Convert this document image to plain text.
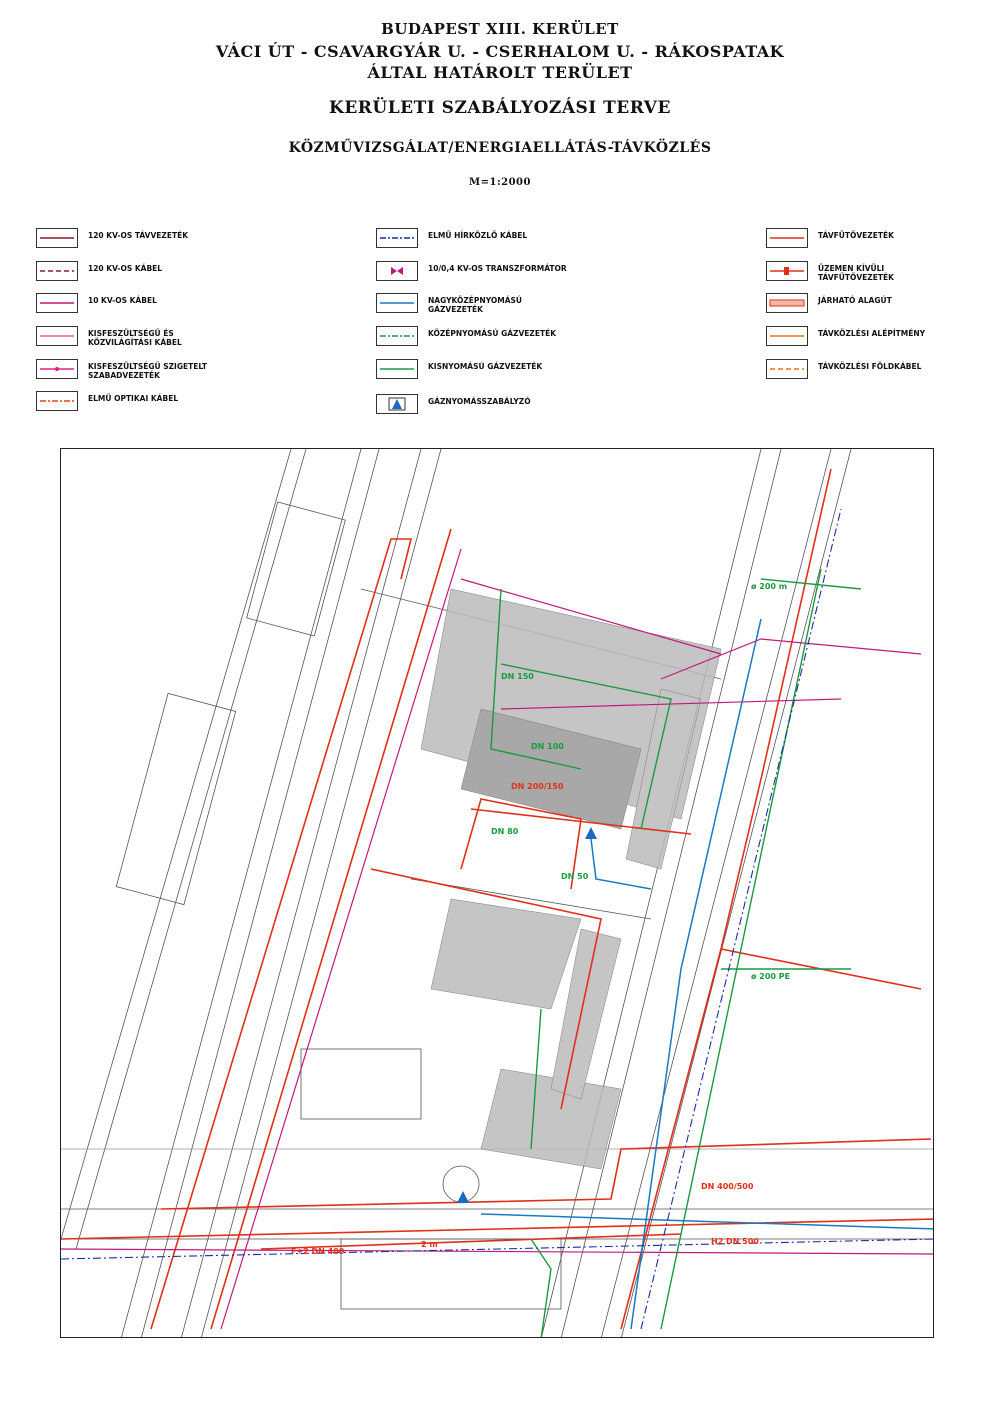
BUDAPEST XIII. KERÜLET
VÁCI ÚT - CSAVARGYÁR U. - CSERHALOM U. - RÁKOSPATAK
ÁLTAL HATÁROLT TERÜLET
KERÜLETI SZABÁLYOZÁSI TERVE
KÖZMŰVIZSGÁLAT/ENERGIAELLÁTÁS-TÁVKÖZLÉS
M=1:2000
120 KV-OS TÁVVEZETÉK
120 KV-OS KÁBEL
10 KV-OS KÁBEL
KISFESZÜLTSÉGŰ ÉS
KÖZVILÁGÍTÁSI KÁBEL
KISFESZÜLTSÉGŰ SZIGETELT
SZABADVEZETÉK
ELMŰ OPTIKAI KÁBEL
ELMŰ HÍRKÖZLŐ KÁBEL
10/0,4 KV-OS TRANSZFORMÁTOR
NAGYKÖZÉPNYOMÁSÚ GÁZVEZETÉK
KÖZÉPNYOMÁSÚ GÁZVEZETÉK
KISNYOMÁSÚ GÁZVEZETÉK
GÁZNYOMÁSSZABÁLYZÓ
TÁVFŰTŐVEZETÉK
ÜZEMEN KÍVÜLI TÁVFŰTŐVEZETÉK
JÁRHATÓ ALAGÚT
TÁVKÖZLÉSI ALÉPÍTMÉNY
TÁVKÖZLÉSI FÖLDKÁBEL
DN 150
DN 100
DN 50
DN 80
DN 200/150
DN 400/500
F+2 DN 400
H2 DN 500
ø 200 PE
ø 200 m
2 m
